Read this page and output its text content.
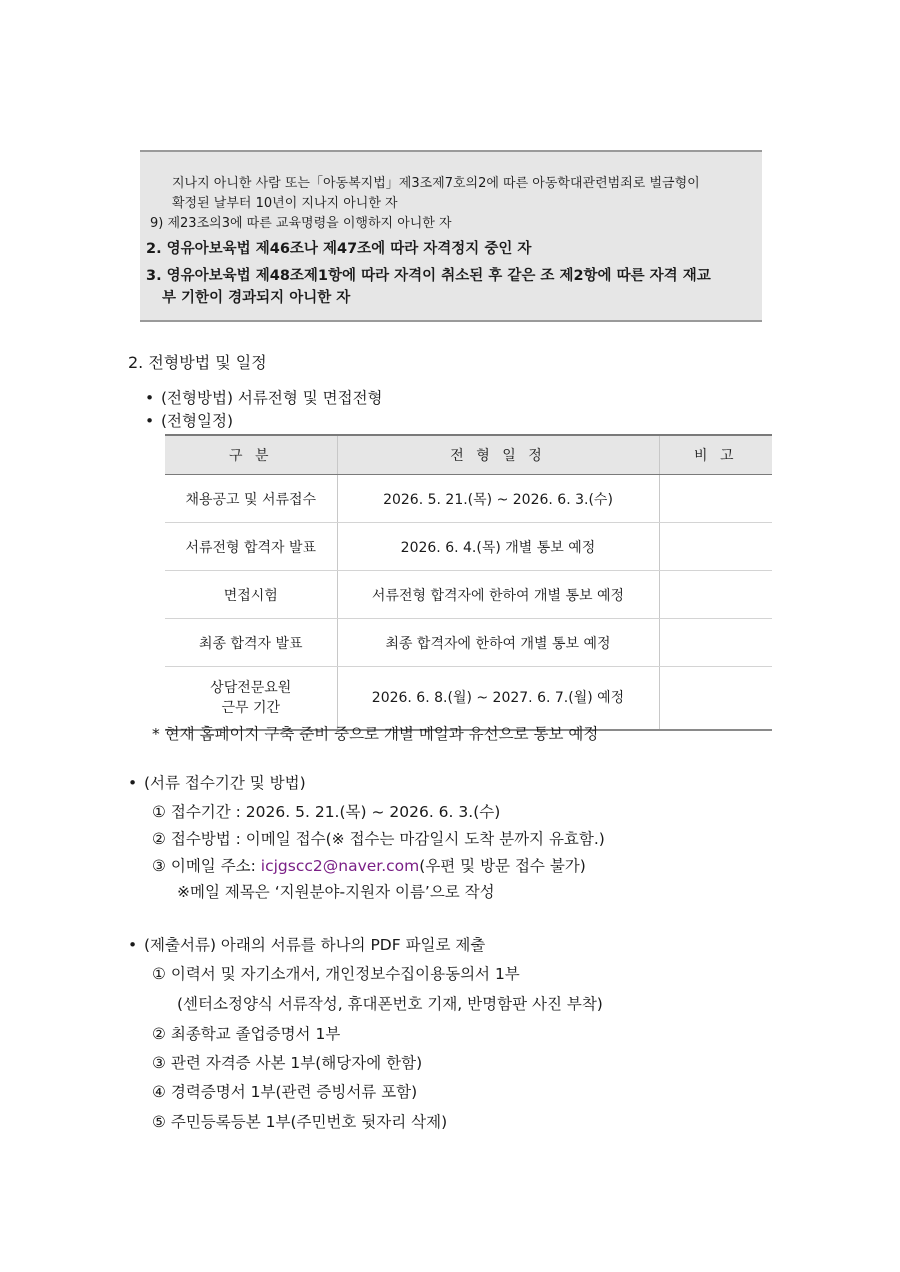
지나지 아니한 사람 또는「아동복지법」제3조제7호의2에 따른 아동학대관련범죄로 벌금형이
확정된 날부터 10년이 지나지 아니한 자
9) 제23조의3에 따른 교육명령을 이행하지 아니한 자
2. 영유아보육법 제46조나 제47조에 따라 자격정지 중인 자
3. 영유아보육법 제48조제1항에 따라 자격이 취소된 후 같은 조 제2항에 따른 자격 재교
부 기한이 경과되지 아니한 자
2. 전형방법 및 일정
• (전형방법) 서류전형 및 면접전형
• (전형일정)
구 분	전 형 일 정	비 고
채용공고 및 서류접수	2026. 5. 21.(목) ~ 2026. 6. 3.(수)	
서류전형 합격자 발표	2026. 6. 4.(목) 개별 통보 예정	
면접시험	서류전형 합격자에 한하여 개별 통보 예정	
최종 합격자 발표	최종 합격자에 한하여 개별 통보 예정	

상담전문요원
근무 기간	2026. 6. 8.(월) ~ 2027. 6. 7.(월) 예정	
* 현재 홈페이지 구축 준비 중으로 개별 메일과 유선으로 통보 예정
• (서류 접수기간 및 방법)
① 접수기간 : 2026. 5. 21.(목) ~ 2026. 6. 3.(수)
② 접수방법 : 이메일 접수(※ 접수는 마감일시 도착 분까지 유효함.)
③ 이메일 주소: icjgscc2@naver.com(우편 및 방문 접수 불가)
※메일 제목은 ‘지원분야-지원자 이름’으로 작성
• (제출서류) 아래의 서류를 하나의 PDF 파일로 제출
① 이력서 및 자기소개서, 개인정보수집이용동의서 1부
(센터소정양식 서류작성, 휴대폰번호 기재, 반명함판 사진 부착)
② 최종학교 졸업증명서 1부
③ 관련 자격증 사본 1부(해당자에 한함)
④ 경력증명서 1부(관련 증빙서류 포함)
⑤ 주민등록등본 1부(주민번호 뒷자리 삭제)
